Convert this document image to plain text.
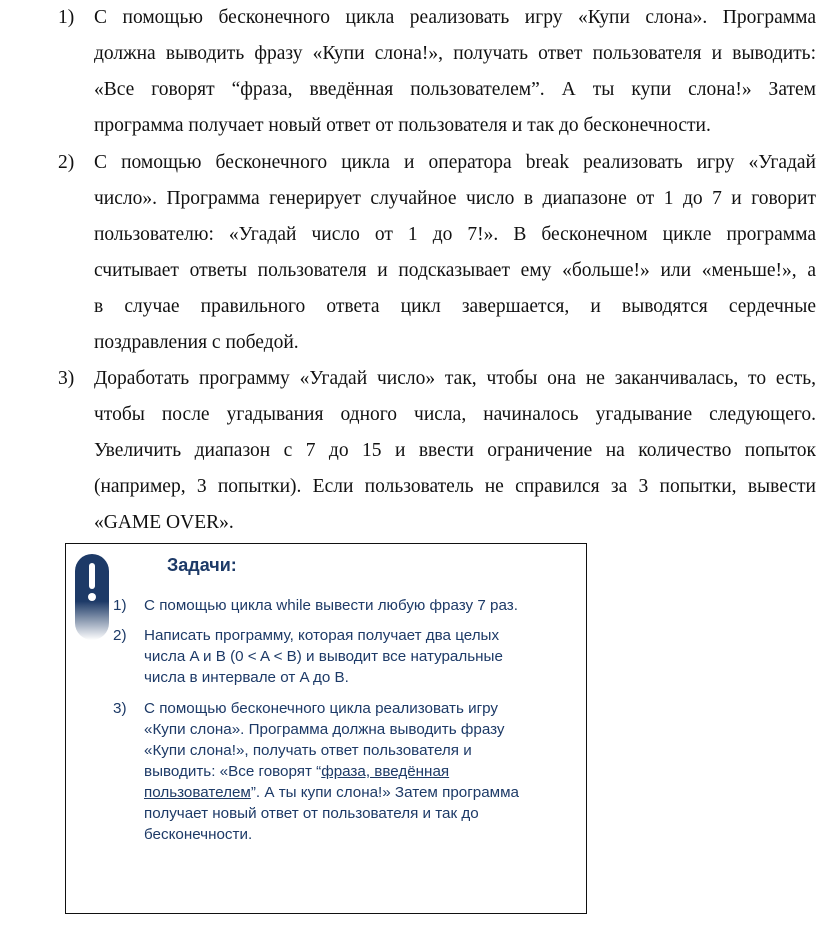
1) С помощью бесконечного цикла реализовать игру «Купи слона». Программа
должна выводить фразу «Купи слона!», получать ответ пользователя и выводить:
«Все говорят “фраза, введённая пользователем”. А ты купи слона!» Затем
программа получает новый ответ от пользователя и так до бесконечности.
2) С помощью бесконечного цикла и оператора break реализовать игру «Угадай
число». Программа генерирует случайное число в диапазоне от 1 до 7 и говорит
пользователю: «Угадай число от 1 до 7!». В бесконечном цикле программа
считывает ответы пользователя и подсказывает ему «больше!» или «меньше!», а
в случае правильного ответа цикл завершается, и выводятся сердечные
поздравления с победой.
3) Доработать программу «Угадай число» так, чтобы она не заканчивалась, то есть,
чтобы после угадывания одного числа, начиналось угадывание следующего.
Увеличить диапазон с 7 до 15 и ввести ограничение на количество попыток
(например, 3 попытки). Если пользователь не справился за 3 попытки, вывести
«GAME OVER».
Задачи:
1) С помощью цикла while вывести любую фразу 7 раз.
2) Написать программу, которая получает два целых
числа A и B (0 < A < B) и выводит все натуральные
числа в интервале от A до B.
3) С помощью бесконечного цикла реализовать игру
«Купи слона». Программа должна выводить фразу
«Купи слона!», получать ответ пользователя и
выводить: «Все говорят “фраза, введённая
пользователем”. А ты купи слона!» Затем программа
получает новый ответ от пользователя и так до
бесконечности.
